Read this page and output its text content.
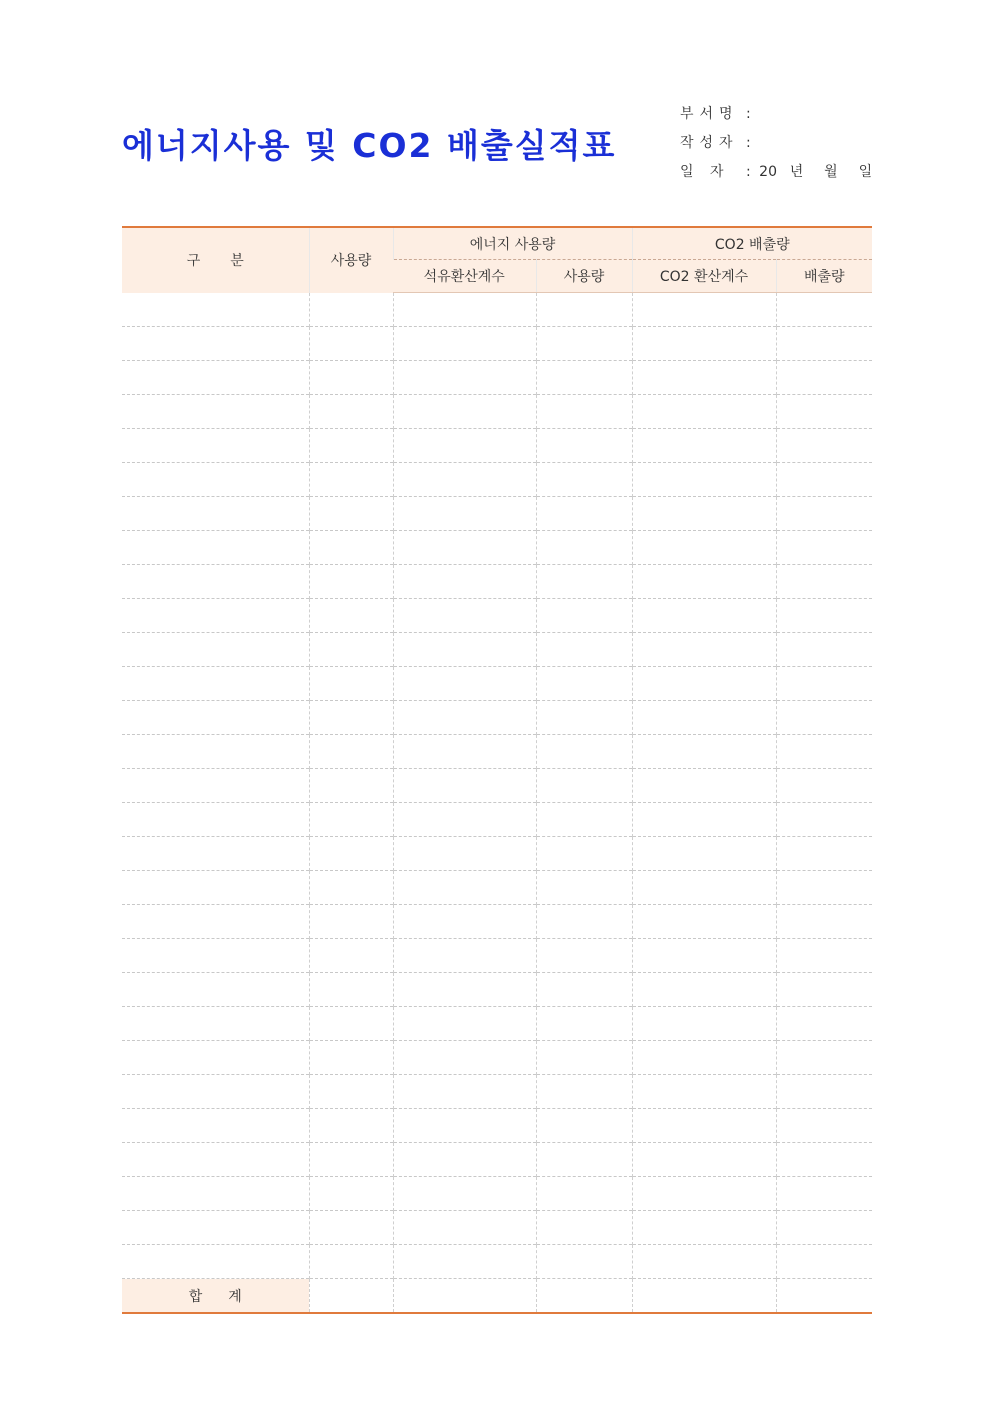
에너지사용 및 CO2 배출실적표
부서명 :
작성자 :
일 자 : 20 년 월 일
구분	사용량	에너지 사용량		CO2 배출량	
		석유환산계수	사용량	CO2 환산계수	배출량

합계					
